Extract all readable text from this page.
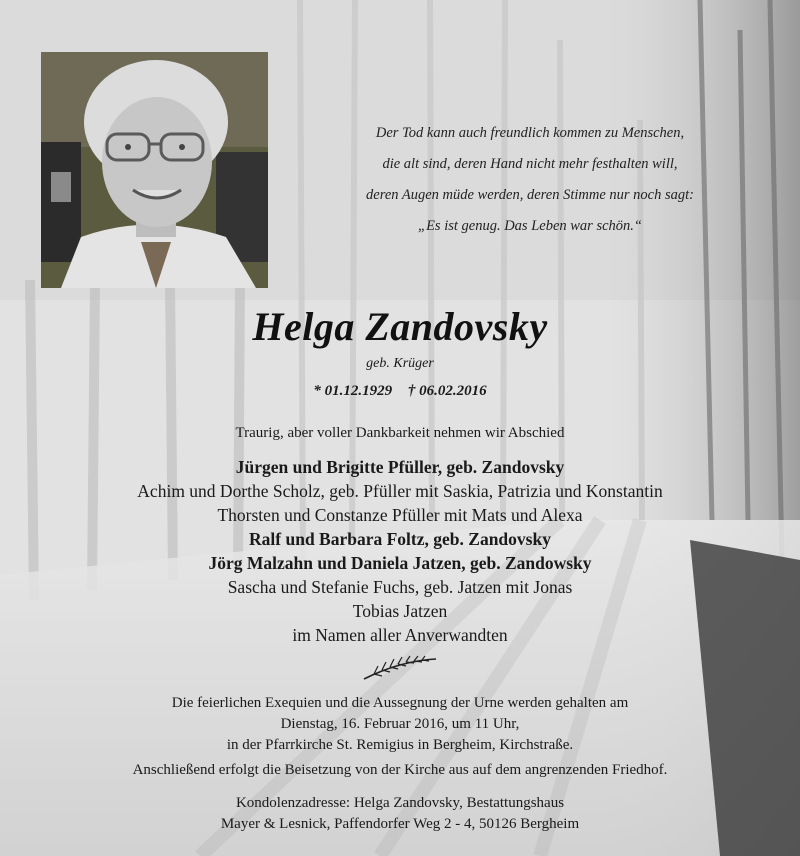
Der Tod kann auch freundlich kommen zu Menschen,
die alt sind, deren Hand nicht mehr festhalten will,
deren Augen müde werden, deren Stimme nur noch sagt:
„Es ist genug. Das Leben war schön.“
Helga Zandovsky
geb. Krüger
* 01.12.1929 † 06.02.2016
Traurig, aber voller Dankbarkeit nehmen wir Abschied
Jürgen und Brigitte Pfüller, geb. Zandovsky
Achim und Dorthe Scholz, geb. Pfüller mit Saskia, Patrizia und Konstantin
Thorsten und Constanze Pfüller mit Mats und Alexa
Ralf und Barbara Foltz, geb. Zandovsky
Jörg Malzahn und Daniela Jatzen, geb. Zandowsky
Sascha und Stefanie Fuchs, geb. Jatzen mit Jonas
Tobias Jatzen
im Namen aller Anverwandten
Die feierlichen Exequien und die Aussegnung der Urne werden gehalten am
Dienstag, 16. Februar 2016, um 11 Uhr,
in der Pfarrkirche St. Remigius in Bergheim, Kirchstraße.
Anschließend erfolgt die Beisetzung von der Kirche aus auf dem angrenzenden Friedhof.
Kondolenzadresse: Helga Zandovsky, Bestattungshaus
Mayer & Lesnick, Paffendorfer Weg 2 - 4, 50126 Bergheim
